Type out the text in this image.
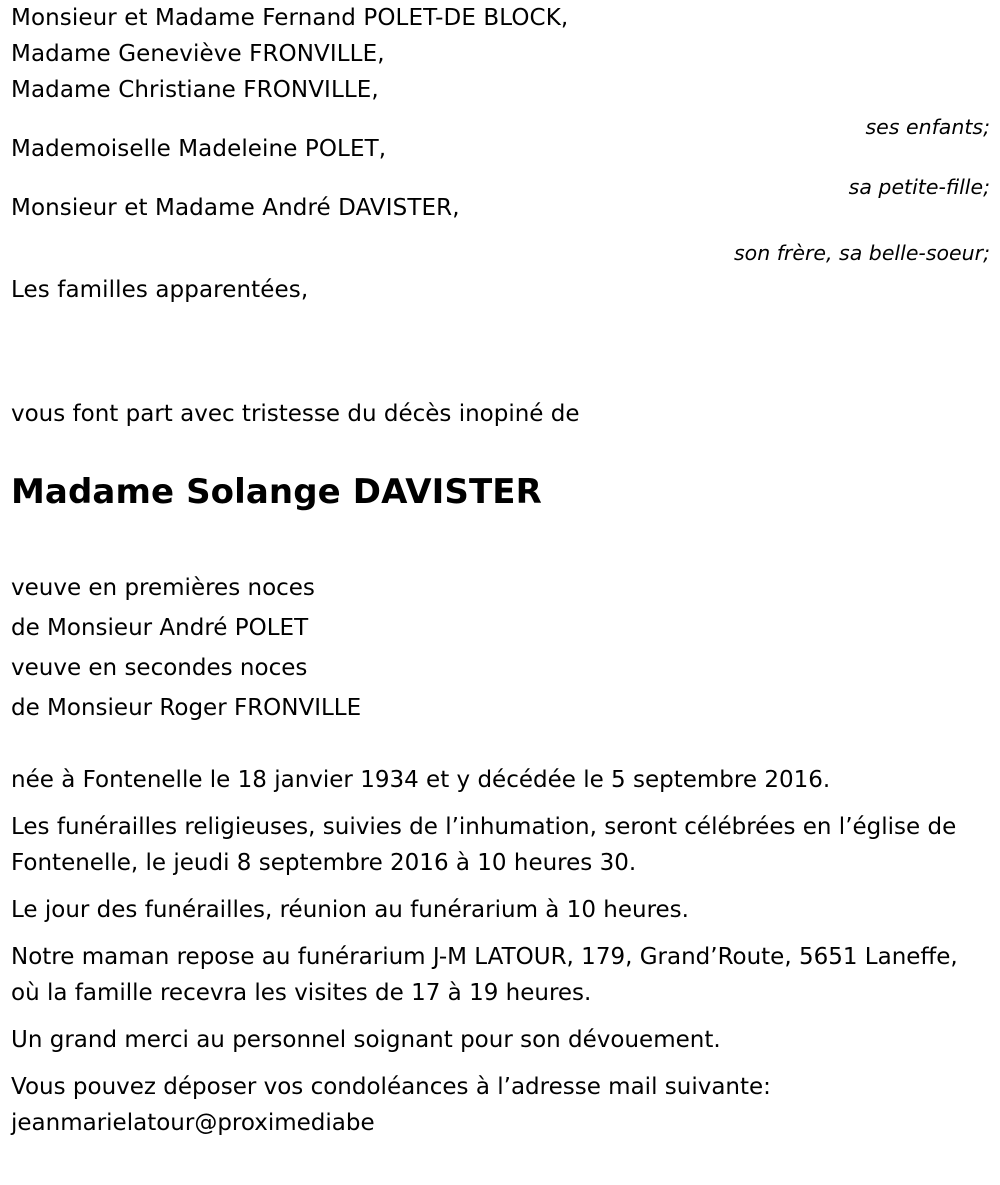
Monsieur et Madame Fernand POLET-DE BLOCK,
Madame Geneviève FRONVILLE,
Madame Christiane FRONVILLE,
Mademoiselle Madeleine POLET,
Monsieur et Madame André DAVISTER,
Les familles apparentées,
ses enfants;
sa petite-fille;
son frère, sa belle-soeur;
vous font part avec tristesse du décès inopiné de
Madame Solange DAVISTER
veuve en premières noces
de Monsieur André POLET
veuve en secondes noces
de Monsieur Roger FRONVILLE

née à Fontenelle le 18 janvier 1934 et y décédée le 5 septembre 2016.

Les funérailles religieuses, suivies de l’inhumation, seront célébrées en l’église de Fontenelle, le jeudi 8 septembre 2016 à 10 heures 30.

Le jour des funérailles, réunion au funérarium à 10 heures.

Notre maman repose au funérarium J-M LATOUR, 179, Grand’Route, 5651 Laneffe, où la famille recevra les visites de 17 à 19 heures.

Un grand merci au personnel soignant pour son dévouement.

Vous pouvez déposer vos condoléances à l’adresse mail suivante:
jeanmarielatour@proximediabe
